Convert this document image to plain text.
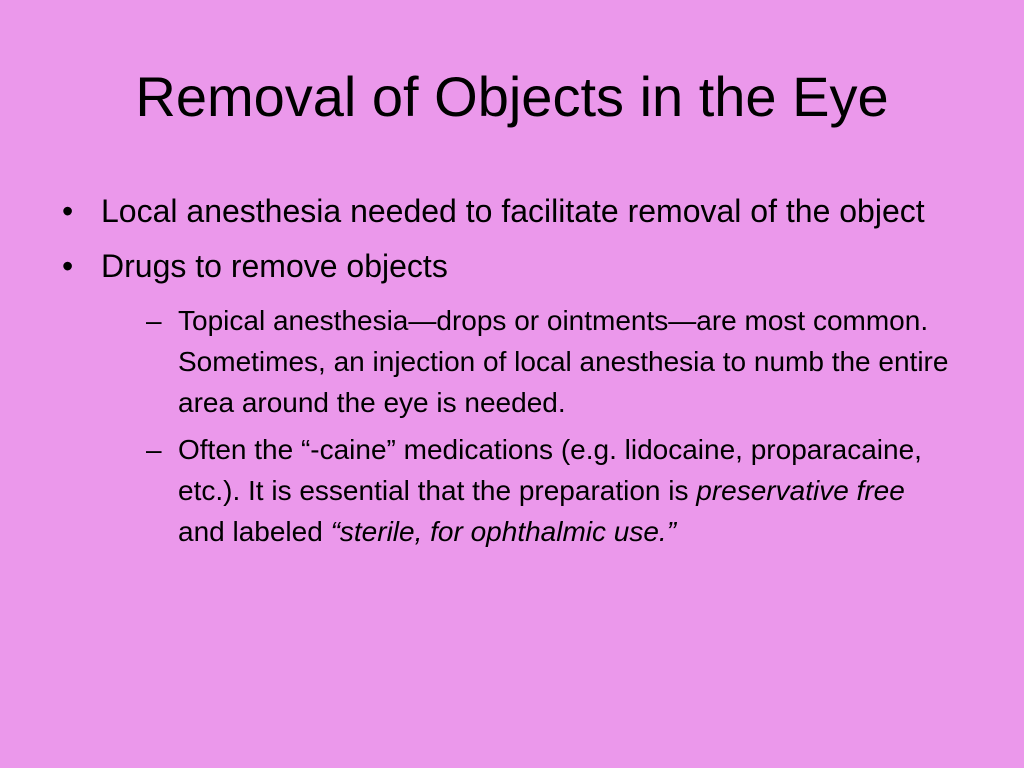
Removal of Objects in the Eye
• Local anesthesia needed to facilitate removal of the object
• Drugs to remove objects
– Topical anesthesia—drops or ointments—are most common. Sometimes, an injection of local anesthesia to numb the entire area around the eye is needed.
– Often the “-caine” medications (e.g. lidocaine, proparacaine, etc.). It is essential that the preparation is preservative free and labeled “sterile, for ophthalmic use.”
